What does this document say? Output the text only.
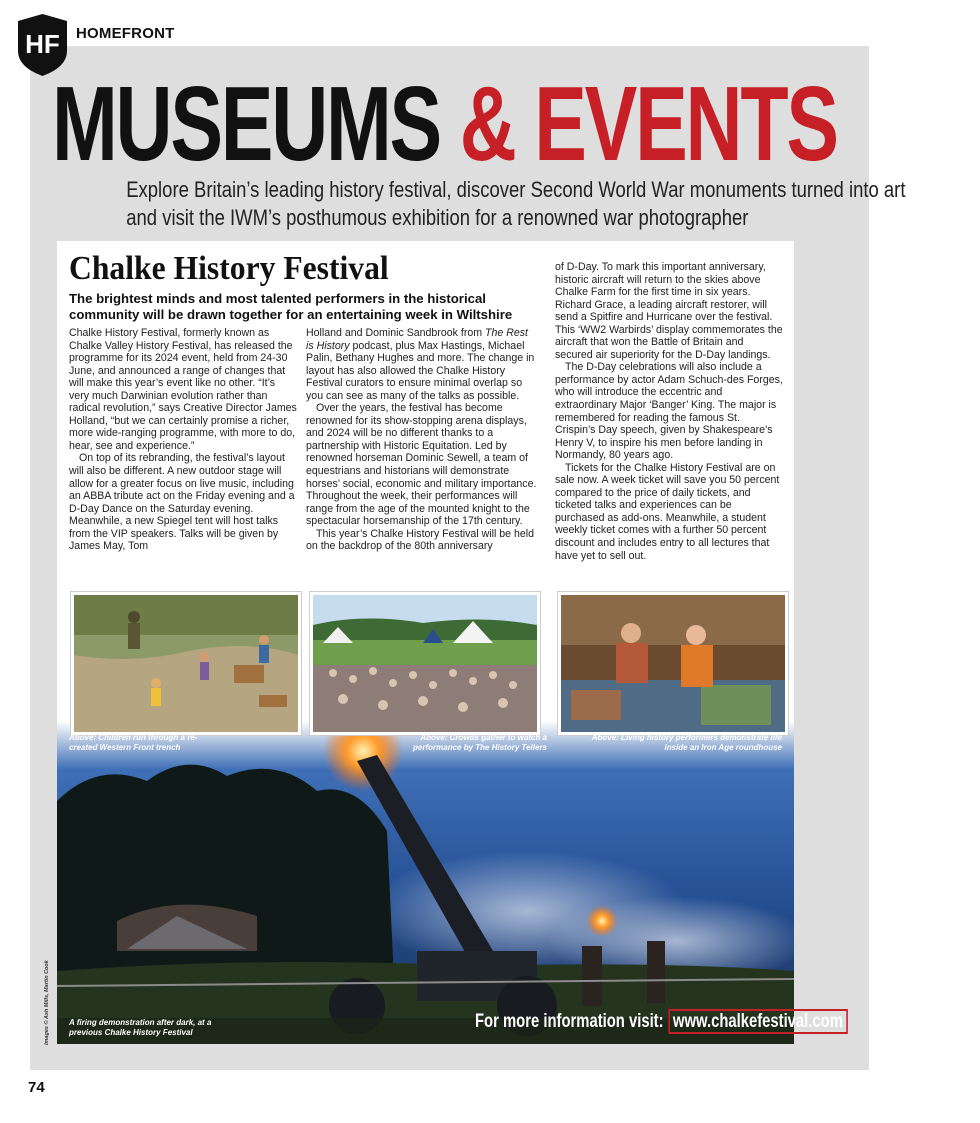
HF HOMEFRONT
MUSEUMS & EVENTS
Explore Britain’s leading history festival, discover Second World War monuments turned into art
and visit the IWM’s posthumous exhibition for a renowned war photographer
Chalke History Festival
The brightest minds and most talented performers in the historical community will be drawn together for an entertaining week in Wiltshire

Chalke History Festival, formerly known as Chalke Valley History Festival, has released the programme for its 2024 event, held from 24-30 June, and announced a range of changes that will make this year’s event like no other. “It’s very much Darwinian evolution rather than radical revolution,” says Creative Director James Holland, “but we can certainly promise a richer, more wide-ranging programme, with more to do, hear, see and experience.”

On top of its rebranding, the festival’s layout will also be different. A new outdoor stage will allow for a greater focus on live music, including an ABBA tribute act on the Friday evening and a D-Day Dance on the Saturday evening. Meanwhile, a new Spiegel tent will host talks from the VIP speakers. Talks will be given by James May, Tom

Holland and Dominic Sandbrook from The Rest is History podcast, plus Max Hastings, Michael Palin, Bethany Hughes and more. The change in layout has also allowed the Chalke History Festival curators to ensure minimal overlap so you can see as many of the talks as possible.

Over the years, the festival has become renowned for its show-stopping arena displays, and 2024 will be no different thanks to a partnership with Historic Equitation. Led by renowned horseman Dominic Sewell, a team of equestrians and historians will demonstrate horses’ social, economic and military importance. Throughout the week, their performances will range from the age of the mounted knight to the spectacular horsemanship of the 17th century.

This year’s Chalke History Festival will be held on the backdrop of the 80th anniversary

of D-Day. To mark this important anniversary, historic aircraft will return to the skies above Chalke Farm for the first time in six years. Richard Grace, a leading aircraft restorer, will send a Spitfire and Hurricane over the festival. This ‘WW2 Warbirds’ display commemorates the aircraft that won the Battle of Britain and secured air superiority for the D-Day landings.

The D-Day celebrations will also include a performance by actor Adam Schuch-des Forges, who will introduce the eccentric and extraordinary Major ‘Banger’ King. The major is remembered for reading the famous St. Crispin’s Day speech, given by Shakespeare’s Henry V, to inspire his men before landing in Normandy, 80 years ago.

Tickets for the Chalke History Festival are on sale now. A week ticket will save you 50 percent compared to the price of daily tickets, and ticketed talks and experiences can be purchased as add-ons. Meanwhile, a student weekly ticket comes with a further 50 percent discount and includes entry to all lectures that have yet to sell out.

Above: Children run through a re-created Western Front trench
Above: Crowds gather to watch a performance by The History Tellers
Above: Living history performers demonstrate life inside an Iron Age roundhouse
A firing demonstration after dark, at a previous Chalke History Festival
For more information visit: www.chalkefestival.com
Images © Ash Mills, Martin Cook
74
